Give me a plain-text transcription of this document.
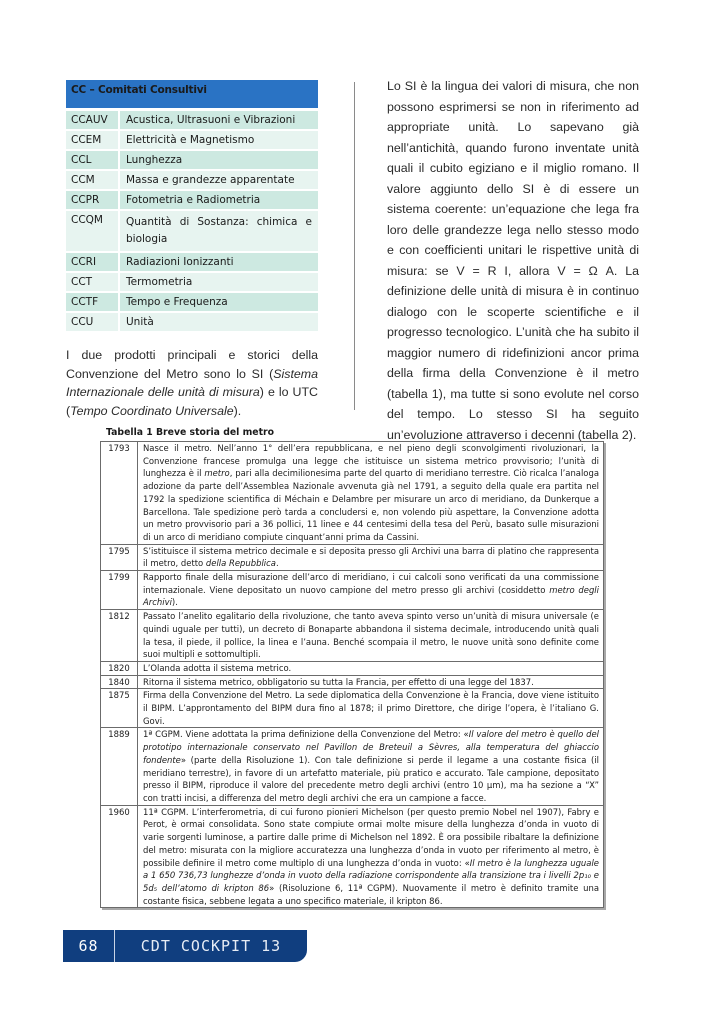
CC – Comitati Consultivi
CCAUV	Acustica, Ultrasuoni e Vibrazioni
CCEM	Elettricità e Magnetismo
CCL	Lunghezza
CCM	Massa e grandezze apparentate
CCPR	Fotometria e Radiometria
CCQM	Quantità di Sostanza: chimica e biologia
CCRI	Radiazioni Ionizzanti
CCT	Termometria
CCTF	Tempo e Frequenza
CCU	Unità

I due prodotti principali e storici della Convenzione del Metro sono lo SI (Sistema Internazionale delle unità di misura) e lo UTC (Tempo Coordinato Universale).

Lo SI è la lingua dei valori di misura, che non possono esprimersi se non in riferimento ad appropriate unità. Lo sapevano già nell’antichità, quando furono inventate unità quali il cubito egiziano e il miglio romano. Il valore aggiunto dello SI è di essere un sistema coerente: un’equazione che lega fra loro delle grandezze lega nello stesso modo e con coefficienti unitari le rispettive unità di misura: se V = R I, allora V = Ω A. La definizione delle unità di misura è in continuo dialogo con le scoperte scientifiche e il progresso tecnologico. L’unità che ha subito il maggior numero di ridefinizioni ancor prima della firma della Convenzione è il metro (tabella 1), ma tutte si sono evolute nel corso del tempo. Lo stesso SI ha seguito un’evoluzione attraverso i decenni (tabella 2).

Tabella 1 Breve storia del metro
1793	Nasce il metro. Nell’anno 1° dell’era repubblicana, e nel pieno degli sconvolgimenti rivoluzionari, la Convenzione francese promulga una legge che istituisce un sistema metrico provvisorio; l’unità di lunghezza è il metro, pari alla decimilionesima parte del quarto di meridiano terrestre. Ciò ricalca l’analoga adozione da parte dell’Assemblea Nazionale avvenuta già nel 1791, a seguito della quale era partita nel 1792 la spedizione scientifica di Méchain e Delambre per misurare un arco di meridiano, da Dunkerque a Barcellona. Tale spedizione però tarda a concludersi e, non volendo più aspettare, la Convenzione adotta un metro provvisorio pari a 36 pollici, 11 linee e 44 centesimi della tesa del Perù, basato sulle misurazioni di un arco di meridiano compiute cinquant’anni prima da Cassini.
1795	S’istituisce il sistema metrico decimale e si deposita presso gli Archivi una barra di platino che rappresenta il metro, detto della Repubblica.
1799	Rapporto finale della misurazione dell’arco di meridiano, i cui calcoli sono verificati da una commissione internazionale. Viene depositato un nuovo campione del metro presso gli archivi (cosiddetto metro degli Archivi).
1812	Passato l’anelito egalitario della rivoluzione, che tanto aveva spinto verso un’unità di misura universale (e quindi uguale per tutti), un decreto di Bonaparte abbandona il sistema decimale, introducendo unità quali la tesa, il piede, il pollice, la linea e l’auna. Benché scompaia il metro, le nuove unità sono definite come suoi multipli e sottomultipli.
1820	L’Olanda adotta il sistema metrico.
1840	Ritorna il sistema metrico, obbligatorio su tutta la Francia, per effetto di una legge del 1837.
1875	Firma della Convenzione del Metro. La sede diplomatica della Convenzione è la Francia, dove viene istituito il BIPM. L’approntamento del BIPM dura fino al 1878; il primo Direttore, che dirige l’opera, è l’italiano G. Govi.
1889	1ª CGPM. Viene adottata la prima definizione della Convenzione del Metro: «Il valore del metro è quello del prototipo internazionale conservato nel Pavillon de Breteuil a Sèvres, alla temperatura del ghiaccio fondente» (parte della Risoluzione 1). Con tale definizione si perde il legame a una costante fisica (il meridiano terrestre), in favore di un artefatto materiale, più pratico e accurato. Tale campione, depositato presso il BIPM, riproduce il valore del precedente metro degli archivi (entro 10 µm), ma ha sezione a “X” con tratti incisi, a differenza del metro degli archivi che era un campione a facce.
1960	11ª CGPM. L’interferometria, di cui furono pionieri Michelson (per questo premio Nobel nel 1907), Fabry e Perot, è ormai consolidata. Sono state compiute ormai molte misure della lunghezza d’onda in vuoto di varie sorgenti luminose, a partire dalle prime di Michelson nel 1892. È ora possibile ribaltare la definizione del metro: misurata con la migliore accuratezza una lunghezza d’onda in vuoto per riferimento al metro, è possibile definire il metro come multiplo di una lunghezza d’onda in vuoto: «Il metro è la lunghezza uguale a 1 650 736,73 lunghezze d’onda in vuoto della radiazione corrispondente alla transizione tra i livelli 2p₁₀ e 5d₅ dell’atomo di kripton 86» (Risoluzione 6, 11ª CGPM). Nuovamente il metro è definito tramite una costante fisica, sebbene legata a uno specifico materiale, il kripton 86.
68	CDT COCKPIT 13
